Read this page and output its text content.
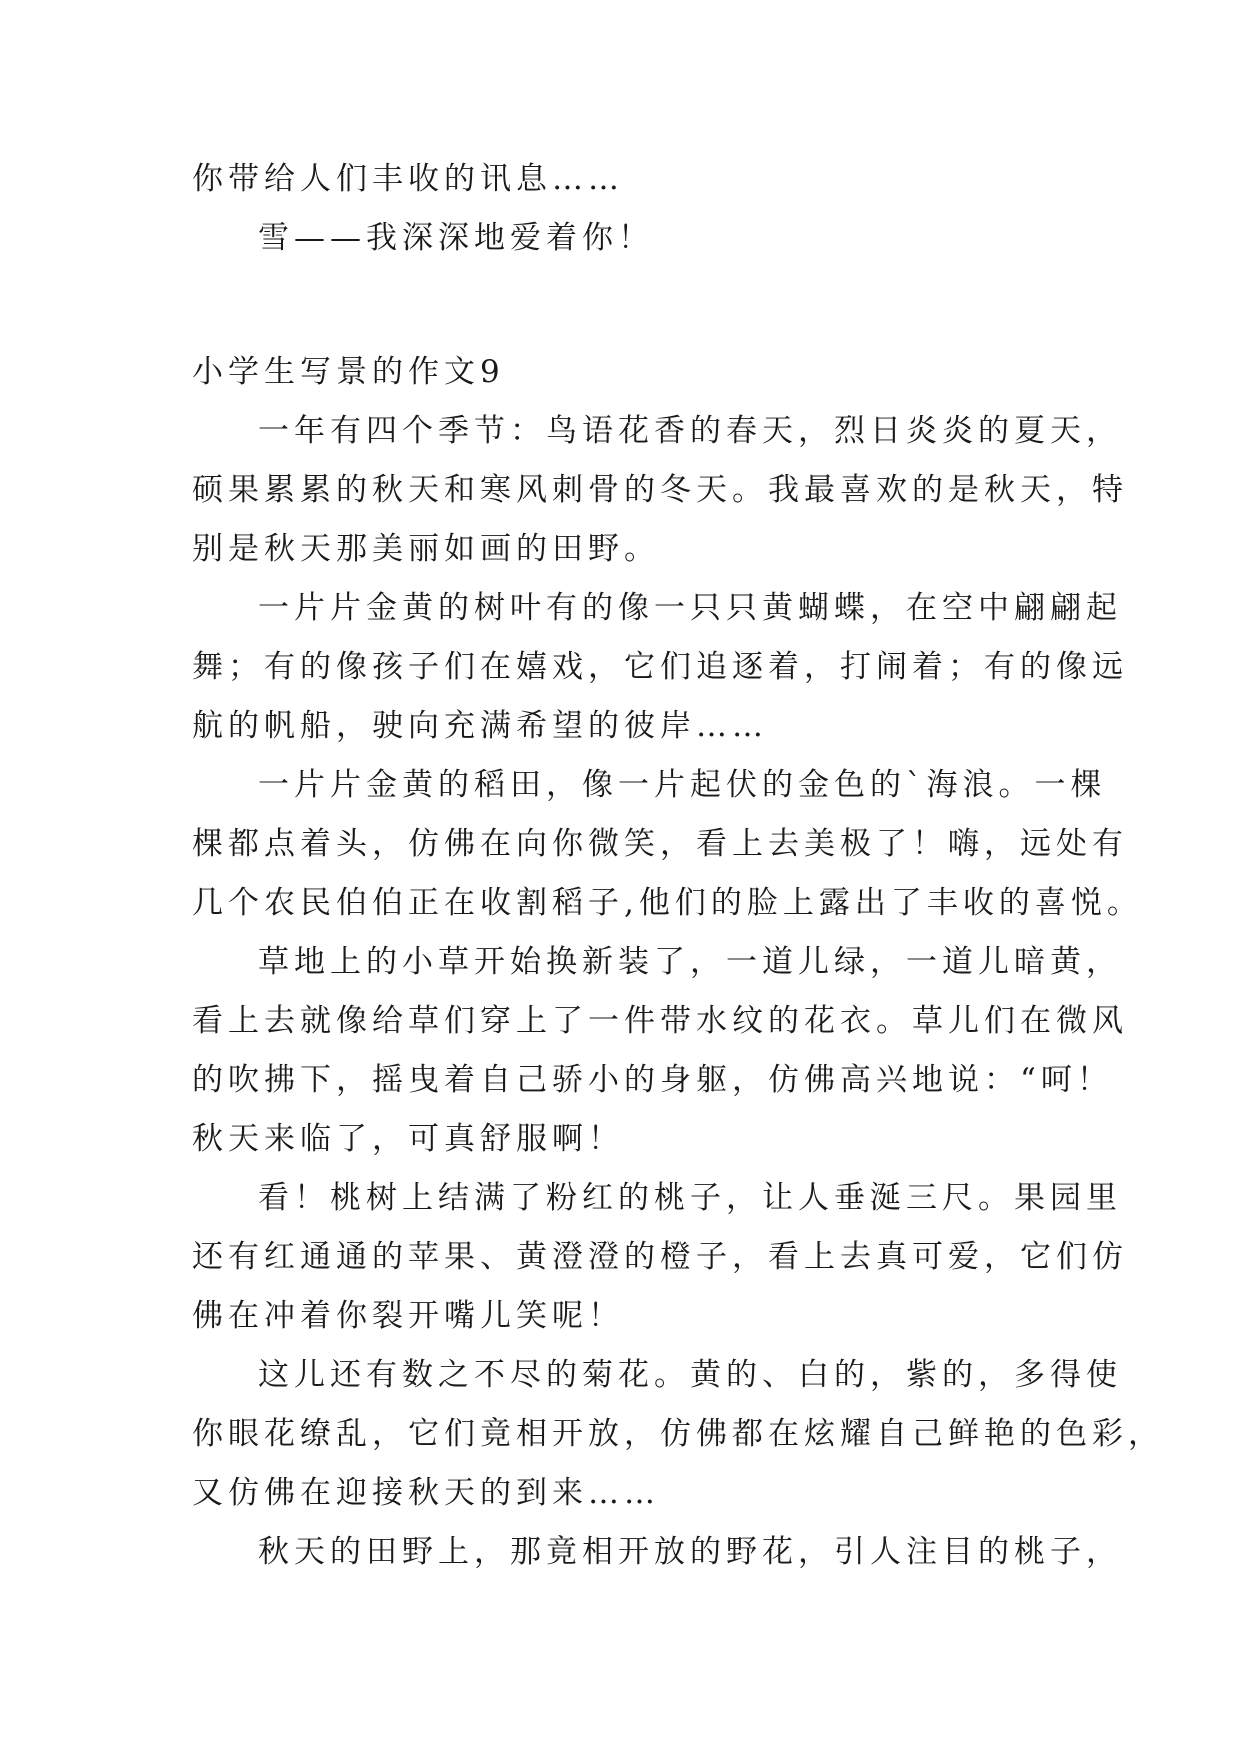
你带给人们丰收的讯息……
雪——我深深地爱着你！
小学生写景的作文9
一年有四个季节：鸟语花香的春天，烈日炎炎的夏天，
硕果累累的秋天和寒风刺骨的冬天。我最喜欢的是秋天，特
别是秋天那美丽如画的田野。
一片片金黄的树叶有的像一只只黄蝴蝶，在空中翩翩起
舞；有的像孩子们在嬉戏，它们追逐着，打闹着；有的像远
航的帆船，驶向充满希望的彼岸……
一片片金黄的稻田，像一片起伏的金色的`海浪。一棵
棵都点着头，仿佛在向你微笑，看上去美极了！嗨，远处有
几个农民伯伯正在收割稻子,他们的脸上露出了丰收的喜悦。
草地上的小草开始换新装了，一道儿绿，一道儿暗黄，
看上去就像给草们穿上了一件带水纹的花衣。草儿们在微风
的吹拂下，摇曳着自己骄小的身躯，仿佛高兴地说：“呵！
秋天来临了，可真舒服啊！
看！桃树上结满了粉红的桃子，让人垂涎三尺。果园里
还有红通通的苹果、黄澄澄的橙子，看上去真可爱，它们仿
佛在冲着你裂开嘴儿笑呢！
这儿还有数之不尽的菊花。黄的、白的，紫的，多得使
你眼花缭乱，它们竟相开放，仿佛都在炫耀自己鲜艳的色彩，
又仿佛在迎接秋天的到来……
秋天的田野上，那竟相开放的野花，引人注目的桃子，
